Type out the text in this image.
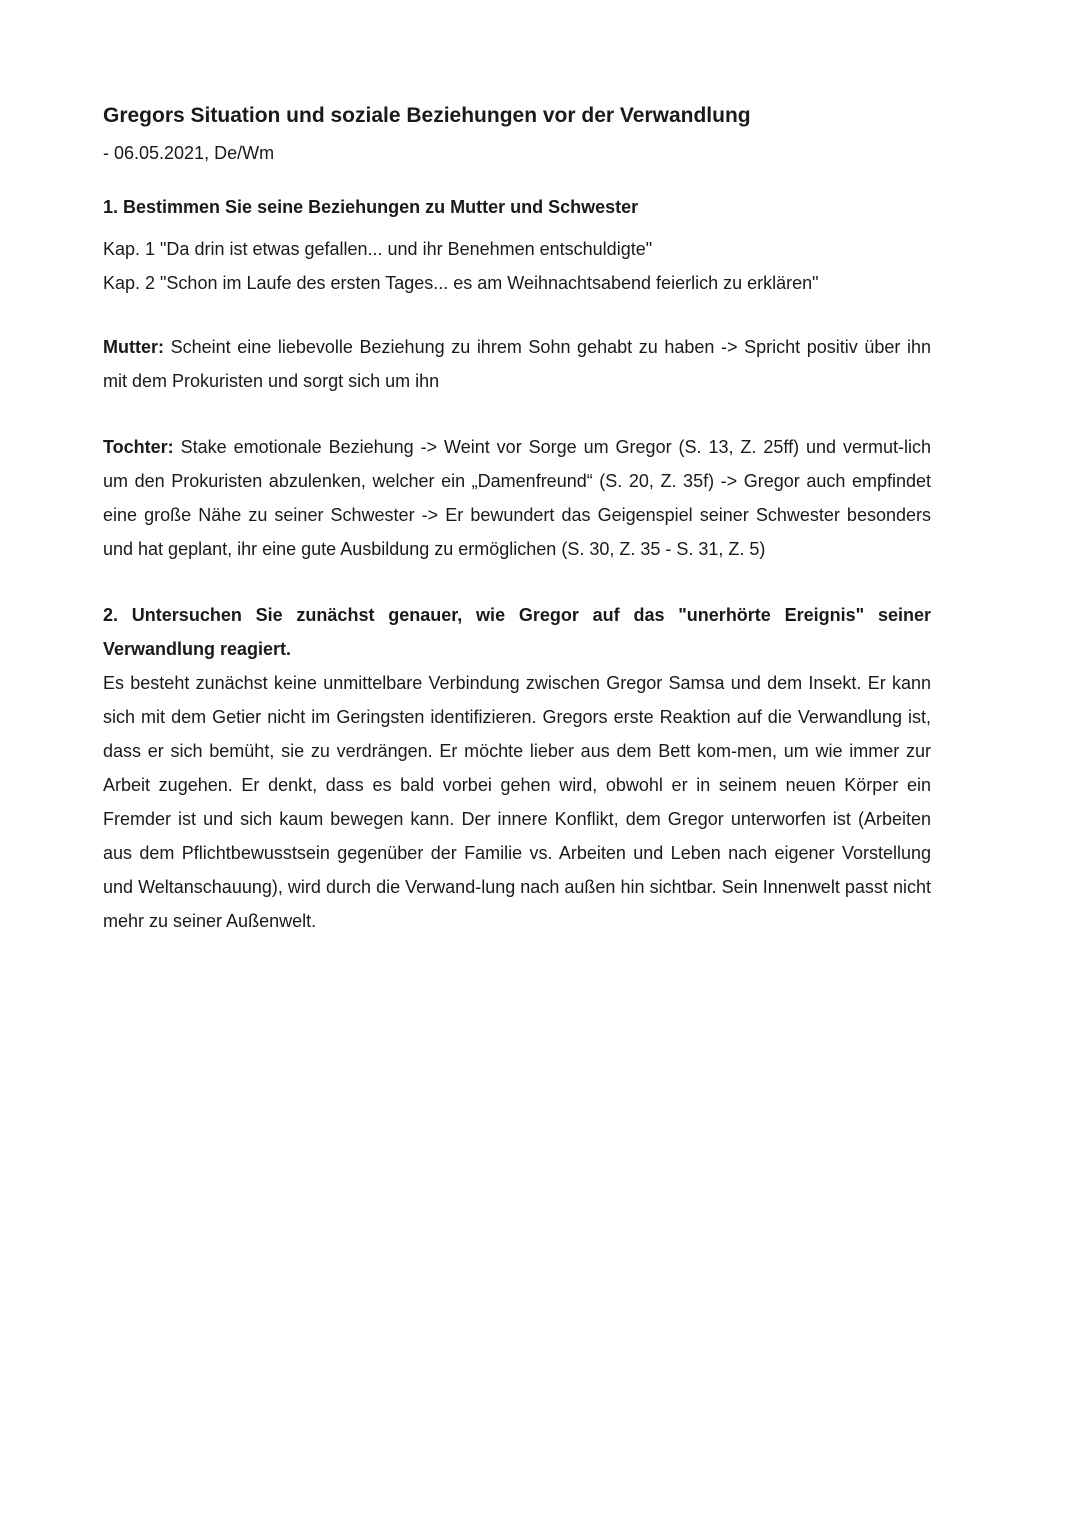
Gregors Situation und soziale Beziehungen vor der Verwandlung

- 06.05.2021, De/Wm

1. Bestimmen Sie seine Beziehungen zu Mutter und Schwester

Kap. 1 "Da drin ist etwas gefallen... und ihr Benehmen entschuldigte"
Kap. 2 "Schon im Laufe des ersten Tages... es am Weihnachtsabend feierlich zu erklären"

Mutter: Scheint eine liebevolle Beziehung zu ihrem Sohn gehabt zu haben -> Spricht positiv über ihn mit dem Prokuristen und sorgt sich um ihn

Tochter: Stake emotionale Beziehung -> Weint vor Sorge um Gregor (S. 13, Z. 25ff) und vermut-lich um den Prokuristen abzulenken, welcher ein „Damenfreund“ (S. 20, Z. 35f) -> Gregor auch empfindet eine große Nähe zu seiner Schwester -> Er bewundert das Geigenspiel seiner Schwester besonders und hat geplant, ihr eine gute Ausbildung zu ermöglichen (S. 30, Z. 35 - S. 31, Z. 5)

2. Untersuchen Sie zunächst genauer, wie Gregor auf das "unerhörte Ereignis" seiner Verwandlung reagiert.

Es besteht zunächst keine unmittelbare Verbindung zwischen Gregor Samsa und dem Insekt. Er kann sich mit dem Getier nicht im Geringsten identifizieren. Gregors erste Reaktion auf die Verwandlung ist, dass er sich bemüht, sie zu verdrängen. Er möchte lieber aus dem Bett kom-men, um wie immer zur Arbeit zugehen. Er denkt, dass es bald vorbei gehen wird, obwohl er in seinem neuen Körper ein Fremder ist und sich kaum bewegen kann. Der innere Konflikt, dem Gregor unterworfen ist (Arbeiten aus dem Pflichtbewusstsein gegenüber der Familie vs. Arbeiten und Leben nach eigener Vorstellung und Weltanschauung), wird durch die Verwand-lung nach außen hin sichtbar. Sein Innenwelt passt nicht mehr zu seiner Außenwelt.
